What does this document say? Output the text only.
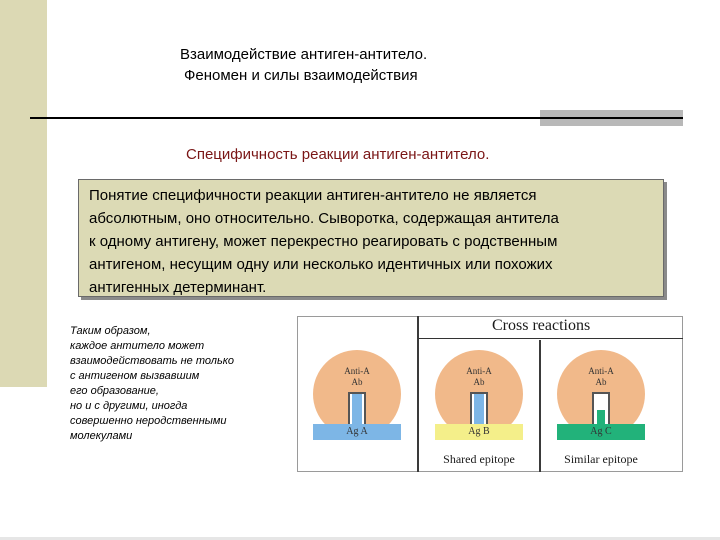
Взаимодействие антиген-антитело.
Феномен и силы взаимодействия
Специфичность реакции антиген-антитело.
Понятие специфичности реакции антиген-антитело не является
абсолютным, оно относительно. Сыворотка, содержащая антитела
к одному антигену, может перекрестно реагировать с родственным
антигеном, несущим одну или несколько идентичных или похожих
антигенных детерминант.
Таким образом,
каждое антитело может
взаимодействовать не только
с антигеном вызвавшим
его образование,
но и с другими, иногда
совершенно неродственными
молекулами
Cross reactions
Anti-A
Ab
Ag A
Anti-A
Ab
Ag B
Shared epitope
Anti-A
Ab
Ag C
Similar epitope
